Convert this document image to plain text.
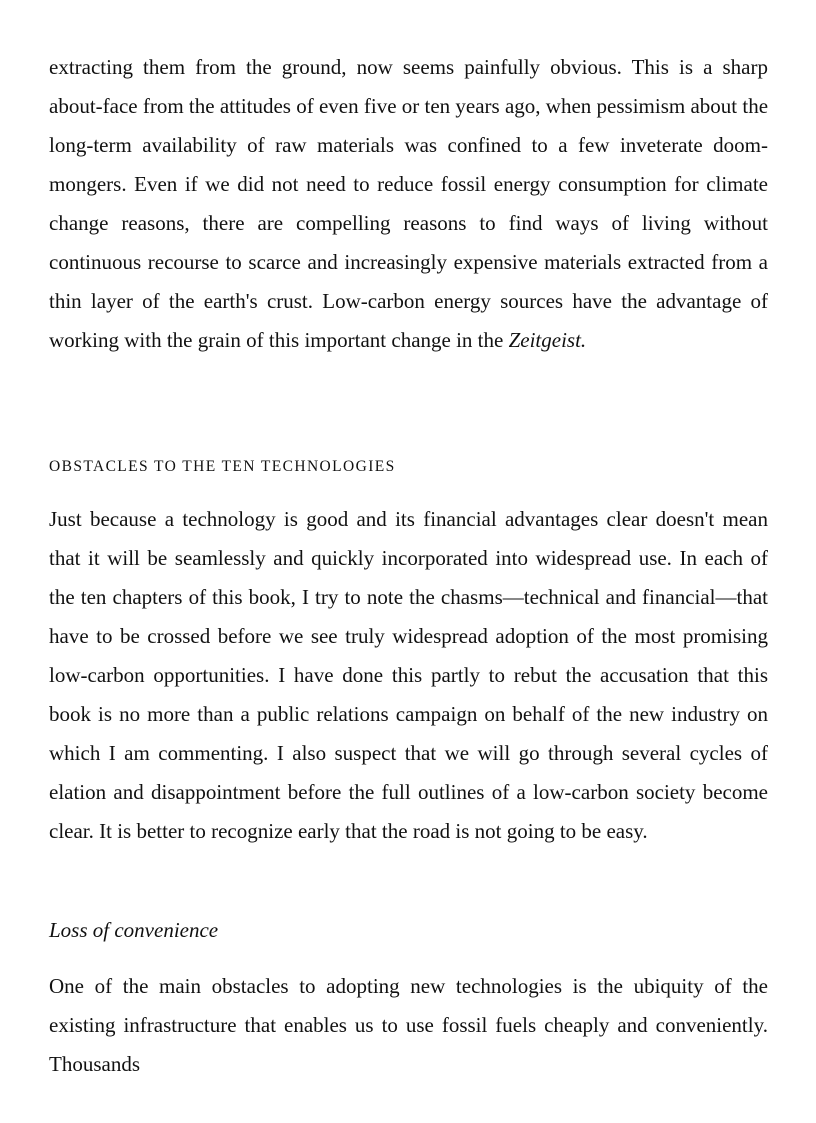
extracting them from the ground, now seems painfully obvious. This is a sharp about-face from the attitudes of even five or ten years ago, when pessimism about the long-term availability of raw materials was confined to a few inveterate doom-mongers. Even if we did not need to reduce fossil energy consumption for climate change reasons, there are compelling reasons to find ways of living without continuous recourse to scarce and increasingly expensive materials extracted from a thin layer of the earth's crust. Low-carbon energy sources have the advantage of working with the grain of this important change in the Zeitgeist.

OBSTACLES TO THE TEN TECHNOLOGIES

Just because a technology is good and its financial advantages clear doesn't mean that it will be seamlessly and quickly incorporated into widespread use. In each of the ten chapters of this book, I try to note the chasms—technical and financial—that have to be crossed before we see truly widespread adoption of the most promising low-carbon opportunities. I have done this partly to rebut the accusation that this book is no more than a public relations campaign on behalf of the new industry on which I am commenting. I also suspect that we will go through several cycles of elation and disappointment before the full outlines of a low-carbon society become clear. It is better to recognize early that the road is not going to be easy.

Loss of convenience

One of the main obstacles to adopting new technologies is the ubiquity of the existing infrastructure that enables us to use fossil fuels cheaply and conveniently. Thousands
